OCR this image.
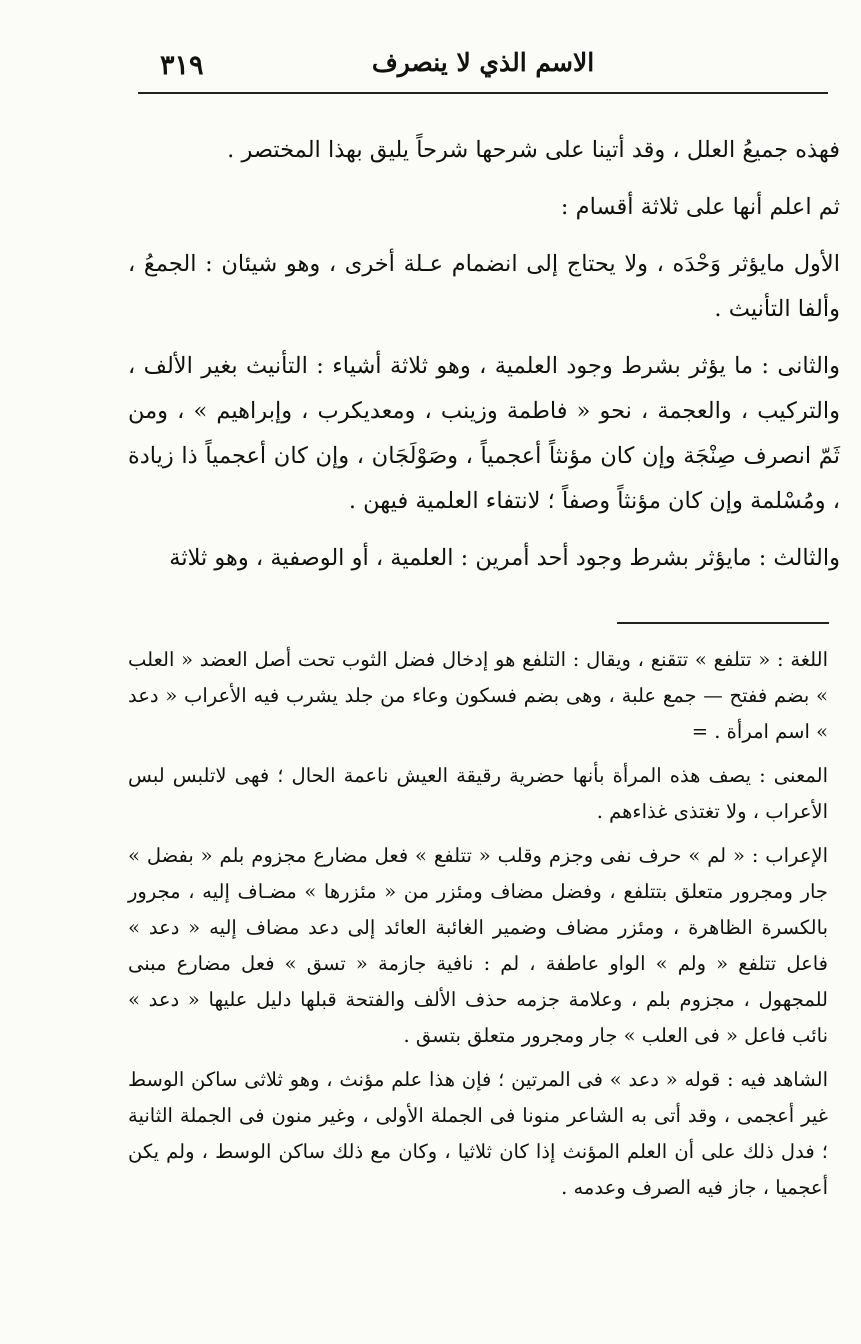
الاسم الذي لا ينصرف
٣١٩

فهذه جميعُ العلل ، وقد أتينا على شرحها شرحاً يليق بهذا المختصر .

ثم اعلم أنها على ثلاثة أقسام :

الأول مايؤثر وَحْدَه ، ولا يحتاج إلى انضمام عـلة أخرى ، وهو شيئان : الجمعُ ، وألفا التأنيث .

والثانى : ما يؤثر بشرط وجود العلمية ، وهو ثلاثة أشياء : التأنيث بغير الألف ، والتركيب ، والعجمة ، نحو « فاطمة وزينب ، ومعديكرب ، وإبراهيم » ، ومن ثَمّ انصرف صِنْجَة وإن كان مؤنثاً أعجمياً ، وصَوْلَجَان ، وإن كان أعجمياً ذا زيادة ، ومُسْلمة وإن كان مؤنثاً وصفاً ؛ لانتفاء العلمية فيهن .

والثالث : مايؤثر بشرط وجود أحد أمرين : العلمية ، أو الوصفية ، وهو ثلاثة

اللغة : « تتلفع » تتقنع ، ويقال : التلفع هو إدخال فضل الثوب تحت أصل العضد « العلب » بضم ففتح — جمع علبة ، وهى بضم فسكون وعاء من جلد يشرب فيه الأعراب « دعد » اسم امرأة . =

المعنى : يصف هذه المرأة بأنها حضرية رقيقة العيش ناعمة الحال ؛ فهى لاتلبس لبس الأعراب ، ولا تغتذى غذاءهم .

الإعراب : « لم » حرف نفى وجزم وقلب « تتلفع » فعل مضارع مجزوم بلم « بفضل » جار ومجرور متعلق بتتلفع ، وفضل مضاف ومئزر من « مئزرها » مضـاف إليه ، مجرور بالكسرة الظاهرة ، ومئزر مضاف وضمير الغائبة العائد إلى دعد مضاف إليه « دعد » فاعل تتلفع « ولم » الواو عاطفة ، لم : نافية جازمة « تسق » فعل مضارع مبنى للمجهول ، مجزوم بلم ، وعلامة جزمه حذف الألف والفتحة قبلها دليل عليها « دعد » نائب فاعل « فى العلب » جار ومجرور متعلق بتسق .

الشاهد فيه : قوله « دعد » فى المرتين ؛ فإن هذا علم مؤنث ، وهو ثلاثى ساكن الوسط غير أعجمى ، وقد أتى به الشاعر منونا فى الجملة الأولى ، وغير منون فى الجملة الثانية ؛ فدل ذلك على أن العلم المؤنث إذا كان ثلاثيا ، وكان مع ذلك ساكن الوسط ، ولم يكن أعجميا ، جاز فيه الصرف وعدمه .
